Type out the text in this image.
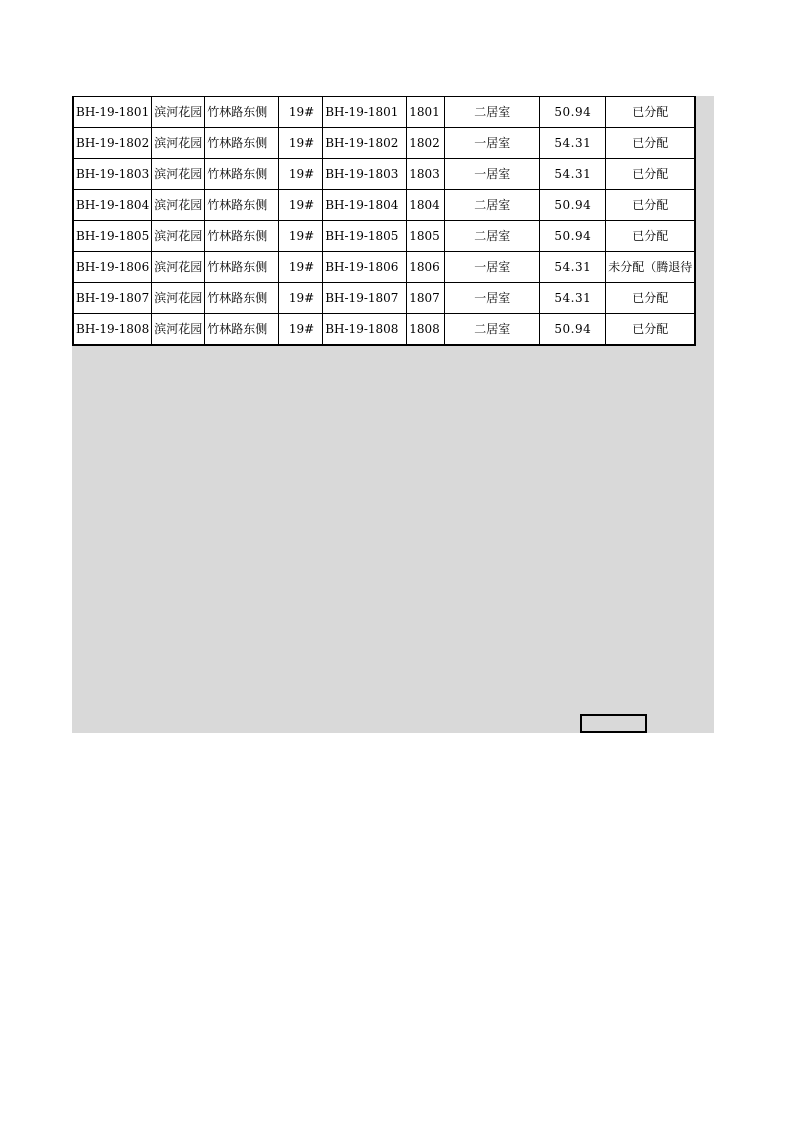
BH-19-1801	滨河花园	竹林路东侧	19#	BH-19-1801	1801	二居室	50.94	已分配
BH-19-1802	滨河花园	竹林路东侧	19#	BH-19-1802	1802	一居室	54.31	已分配
BH-19-1803	滨河花园	竹林路东侧	19#	BH-19-1803	1803	一居室	54.31	已分配
BH-19-1804	滨河花园	竹林路东侧	19#	BH-19-1804	1804	二居室	50.94	已分配
BH-19-1805	滨河花园	竹林路东侧	19#	BH-19-1805	1805	二居室	50.94	已分配
BH-19-1806	滨河花园	竹林路东侧	19#	BH-19-1806	1806	一居室	54.31	未分配（腾退待
BH-19-1807	滨河花园	竹林路东侧	19#	BH-19-1807	1807	一居室	54.31	已分配
BH-19-1808	滨河花园	竹林路东侧	19#	BH-19-1808	1808	二居室	50.94	已分配
